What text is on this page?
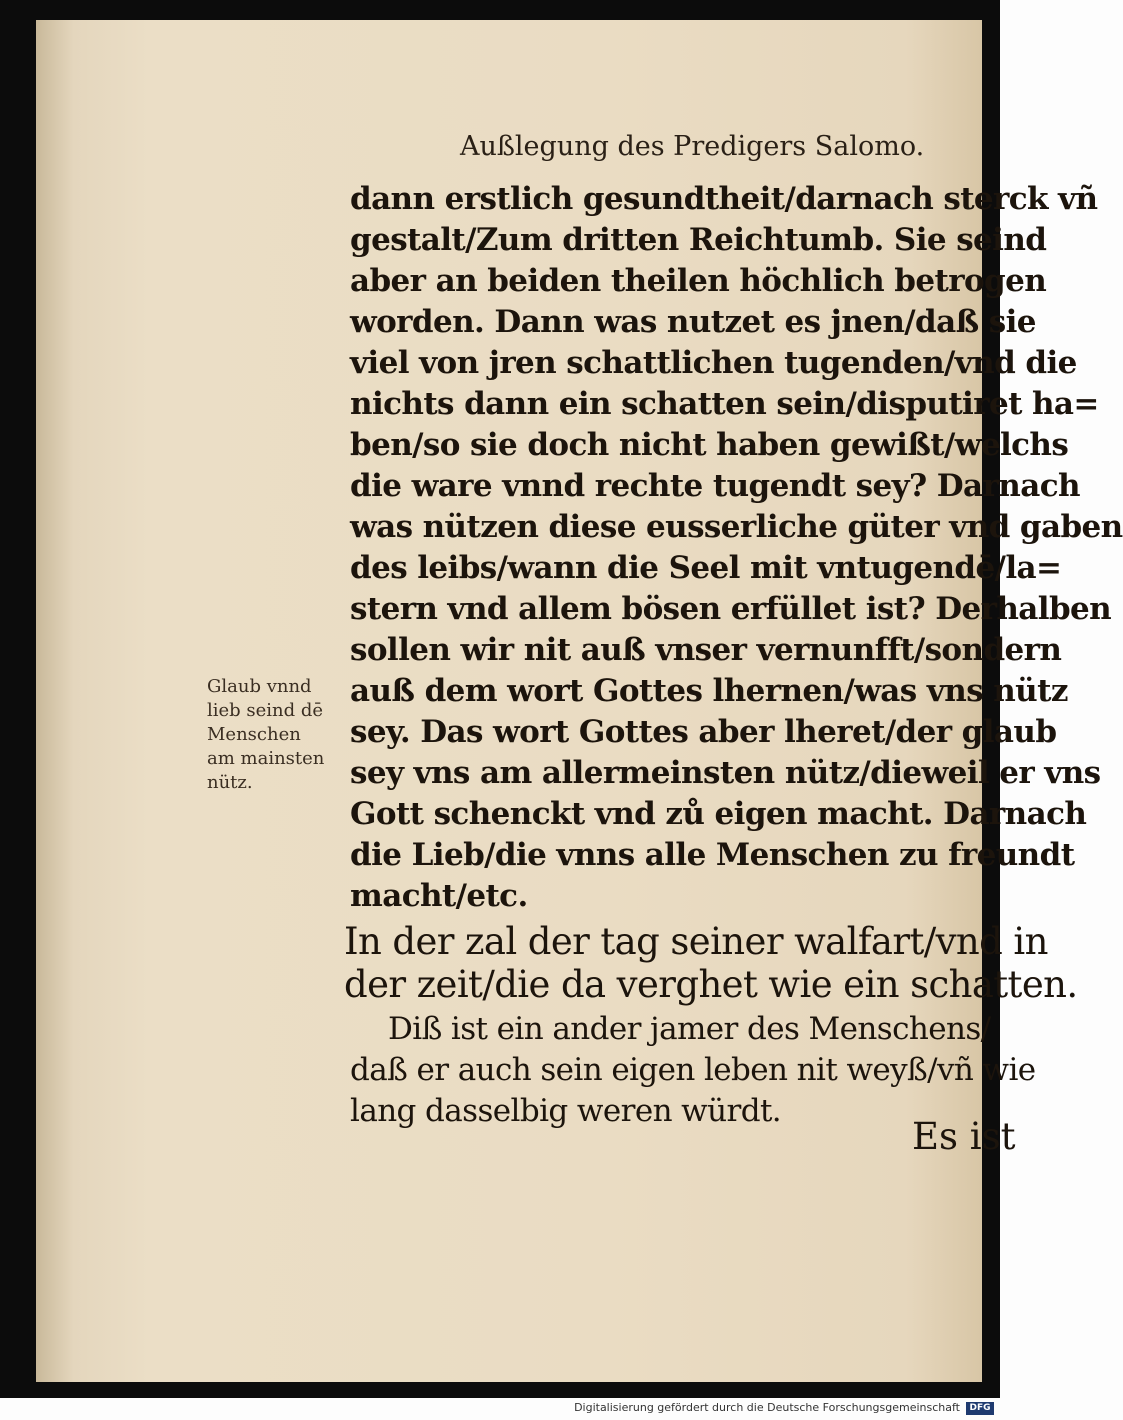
Außlegung des Predigers Salomo.
dann erstlich gesundtheit/darnach sterck vñ
gestalt/Zum dritten Reichtumb. Sie seind
aber an beiden theilen höchlich betrogen
worden. Dann was nutzet es jnen/daß sie
viel von jren schattlichen tugenden/vnd die
nichts dann ein schatten sein/disputiret ha=
ben/so sie doch nicht haben gewißt/welchs
die ware vnnd rechte tugendt sey? Darnach
was nützen diese eusserliche güter vnd gaben
des leibs/wann die Seel mit vntugendē/la=
stern vnd allem bösen erfüllet ist? Derhalben
sollen wir nit auß vnser vernunfft/sondern
auß dem wort Gottes lhernen/was vns nütz
sey. Das wort Gottes aber lheret/der glaub
sey vns am allermeinsten nütz/dieweil er vns
Gott schenckt vnd zů eigen macht. Darnach
die Lieb/die vnns alle Menschen zu freundt
macht/etc.
Glaub vnnd
lieb seind dē
Menschen
am mainsten
nütz.
In der zal der tag seiner walfart/vnd in
der zeit/die da verghet wie ein schatten.
Diß ist ein ander jamer des Menschens/
daß er auch sein eigen leben nit weyß/vñ wie
lang dasselbig weren würdt.
Es ist
Digitalisierung gefördert durch die Deutsche Forschungsgemeinschaft	DFG
